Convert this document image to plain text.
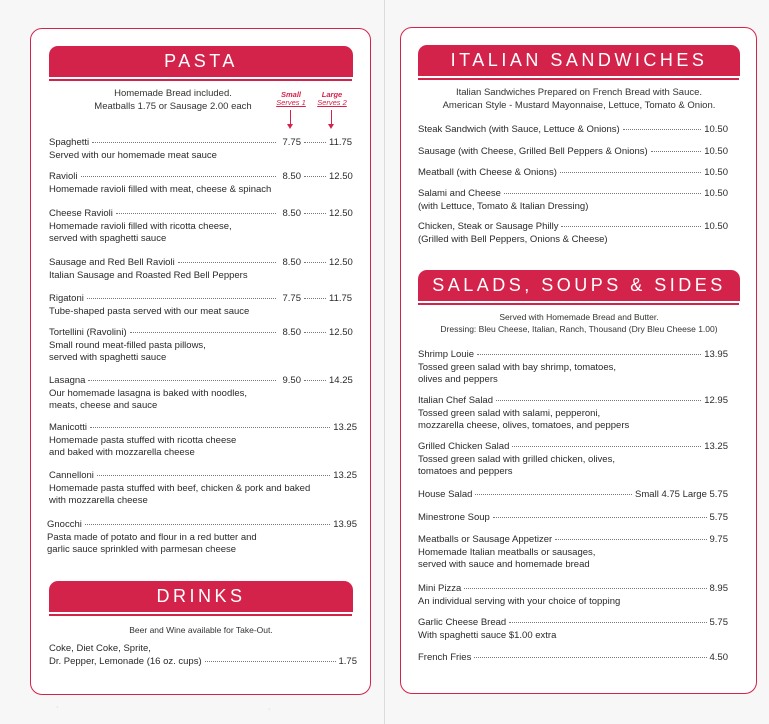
PASTA
Homemade Bread included.
Meatballs 1.75 or Sausage 2.00 each
Small
Serves 1
Large
Serves 2
Spaghetti	7.75	11.75
Served with our homemade meat sauce
Ravioli	8.50	12.50
Homemade ravioli filled with meat, cheese & spinach
Cheese Ravioli	8.50	12.50
Homemade ravioli filled with ricotta cheese,
served with spaghetti sauce
Sausage and Red Bell Ravioli	8.50	12.50
Italian Sausage and Roasted Red Bell Peppers
Rigatoni	7.75	11.75
Tube-shaped pasta served with our meat sauce
Tortellini (Ravolini)	8.50	12.50
Small round meat-filled pasta pillows,
served with spaghetti sauce
Lasagna	9.50	14.25
Our homemade lasagna is baked with noodles,
meats, cheese and sauce
Manicotti	13.25
Homemade pasta stuffed with ricotta cheese
and baked with mozzarella cheese
Cannelloni	13.25
Homemade pasta stuffed with beef, chicken & pork and baked
with mozzarella cheese
Gnocchi	13.95
Pasta made of potato and flour in a red butter and
garlic sauce sprinkled with parmesan cheese
DRINKS
Beer and Wine available for Take-Out.
Coke, Diet Coke, Sprite,
Dr. Pepper, Lemonade (16 oz. cups)	1.75
·	·
ITALIAN SANDWICHES
Italian Sandwiches Prepared on French Bread with Sauce.
American Style - Mustard Mayonnaise, Lettuce, Tomato & Onion.
Steak Sandwich (with Sauce, Lettuce & Onions)	10.50
Sausage (with Cheese, Grilled Bell Peppers & Onions)	10.50
Meatball (with Cheese & Onions)	10.50
Salami and Cheese	10.50
(with Lettuce, Tomato & Italian Dressing)
Chicken, Steak or Sausage Philly	10.50
(Grilled with Bell Peppers, Onions & Cheese)
SALADS, SOUPS & SIDES
Served with Homemade Bread and Butter.
Dressing: Bleu Cheese, Italian, Ranch, Thousand (Dry Bleu Cheese 1.00)
Shrimp Louie	13.95
Tossed green salad with bay shrimp, tomatoes,
olives and peppers
Italian Chef Salad	12.95
Tossed green salad with salami, pepperoni,
mozzarella cheese, olives, tomatoes, and peppers
Grilled Chicken Salad	13.25
Tossed green salad with grilled chicken, olives,
tomatoes and peppers
House Salad	Small 4.75 Large 5.75
Minestrone Soup	5.75
Meatballs or Sausage Appetizer	9.75
Homemade Italian meatballs or sausages,
served with sauce and homemade bread
Mini Pizza	8.95
An individual serving with your choice of topping
Garlic Cheese Bread	5.75
With spaghetti sauce $1.00 extra
French Fries	4.50
